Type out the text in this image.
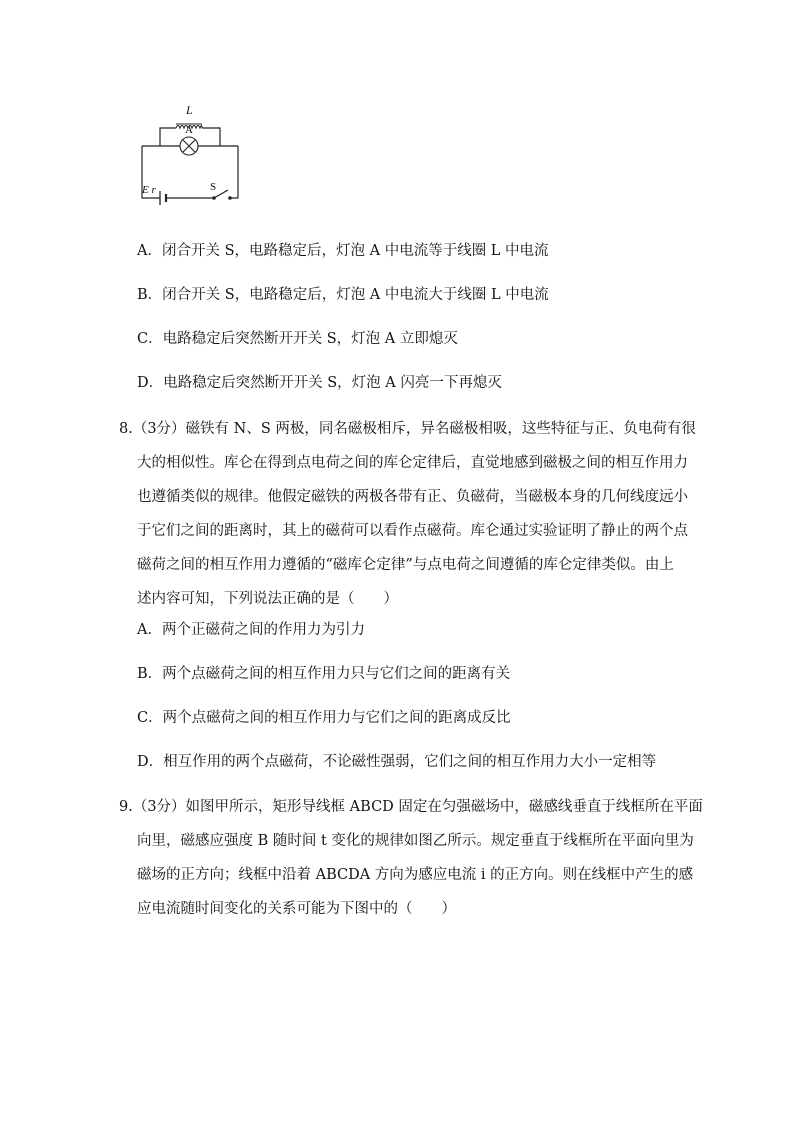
L
A
E r	S
A．闭合开关 S，电路稳定后，灯泡 A 中电流等于线圈 L 中电流
B．闭合开关 S，电路稳定后，灯泡 A 中电流大于线圈 L 中电流
C．电路稳定后突然断开开关 S，灯泡 A 立即熄灭
D．电路稳定后突然断开开关 S，灯泡 A 闪亮一下再熄灭
8.（3分）磁铁有 N、S 两极，同名磁极相斥，异名磁极相吸，这些特征与正、负电荷有很
大的相似性。库仑在得到点电荷之间的库仑定律后，直觉地感到磁极之间的相互作用力
也遵循类似的规律。他假定磁铁的两极各带有正、负磁荷，当磁极本身的几何线度远小
于它们之间的距离时，其上的磁荷可以看作点磁荷。库仑通过实验证明了静止的两个点
磁荷之间的相互作用力遵循的“磁库仑定律”与点电荷之间遵循的库仑定律类似。由上
述内容可知，下列说法正确的是（　　）
A．两个正磁荷之间的作用力为引力
B．两个点磁荷之间的相互作用力只与它们之间的距离有关
C．两个点磁荷之间的相互作用力与它们之间的距离成反比
D．相互作用的两个点磁荷，不论磁性强弱，它们之间的相互作用力大小一定相等
9.（3分）如图甲所示，矩形导线框 ABCD 固定在匀强磁场中，磁感线垂直于线框所在平面
向里，磁感应强度 B 随时间 t 变化的规律如图乙所示。规定垂直于线框所在平面向里为
磁场的正方向；线框中沿着 ABCDA 方向为感应电流 i 的正方向。则在线框中产生的感
应电流随时间变化的关系可能为下图中的（　　）
